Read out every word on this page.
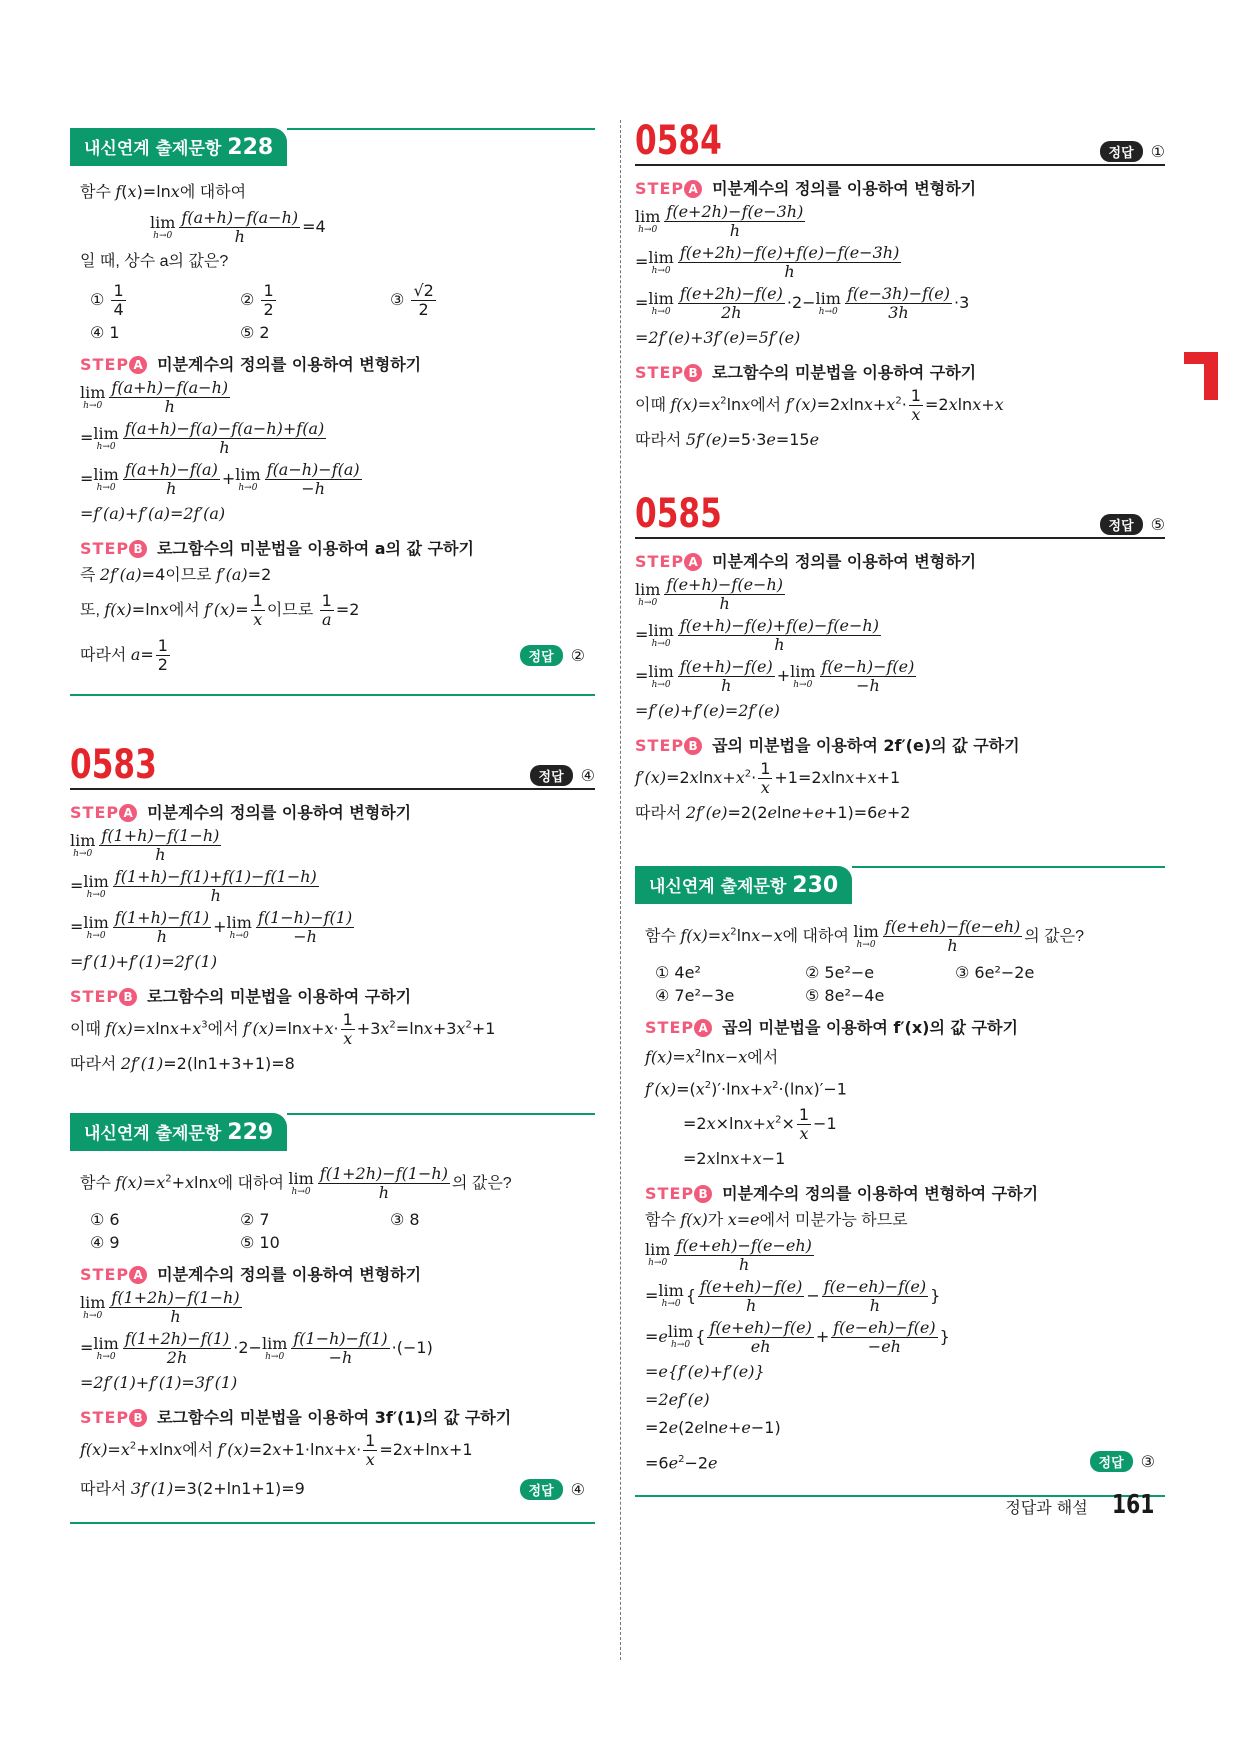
내신연계 출제문항 228
함수 f(x)=lnx에 대하여
lim
$h\to 0 \frac{f(a+h)-f(a-h)}{h} =4$
일 때, 상수 a의 값은?
① $\frac{1}{4}$	② $\frac{1}{2}$	③ $\frac{√2}{2}$
④ 1	⑤ 2
STEP A 미분계수의 정의를 이용하여 변형하기
lim
$h\to 0 \frac{f(a+h)-f(a-h)}{h}$
= lim
$h\to 0 \frac{f(a+h)-f(a)-f(a-h)+f(a)}{h}$
= lim
$h\to 0 \frac{f(a+h)-f(a)}{h} + \lim$
$h\to 0 \frac{f(a-h)-f(a)}{-h}$
=f′(a)+f′(a)=2f′(a)
STEP B 로그함수의 미분법을 이용하여 a의 값 구하기
즉 2f′(a)=4이므로 f′(a)=2
또, f(x)=lnx에서 $f'(x)= \frac{1}{x}$ 이므로 $\frac{1}{a} =2$
따라서 $a= \frac{1}{2}$	정답	②
0583	정답	④
STEP A 미분계수의 정의를 이용하여 변형하기
lim
$h\to 0 \frac{f(1+h)-f(1-h)}{h}$
= lim
$h\to 0 \frac{f(1+h)-f(1)+f(1)-f(1-h)}{h}$
= lim
$h\to 0 \frac{f(1+h)-f(1)}{h} + \lim$
$h\to 0 \frac{f(1-h)-f(1)}{-h}$
=f′(1)+f′(1)=2f′(1)
STEP B 로그함수의 미분법을 이용하여 구하기
이때 $f(x)=xlnx+x^3$에서 $f'(x)=\ln x+x\cdot \frac{1}{x} +3x^2=\ln x+3x^2+1$
따라서 2f′(1)=2(ln1+3+1)=8
내신연계 출제문항 229
함수 $f(x)=x^2+xlnx$에 대하여 lim
$h\to 0 \frac{f(1+2h)-f(1-h)}{h}$ 의 값은?
① 6	② 7	③ 8
④ 9	⑤ 10
STEP A 미분계수의 정의를 이용하여 변형하기
lim
$h\to 0 \frac{f(1+2h)-f(1-h)}{h}$
= lim
$h\to 0 \frac{f(1+2h)-f(1)}{2h} \cdot 2- \lim$
$h\to 0 \frac{f(1-h)-f(1)}{-h} \cdot(-1)$
=2f′(1)+f′(1)=3f′(1)
STEP B 로그함수의 미분법을 이용하여 3f′(1)의 값 구하기
$f(x)=x^2+xlnx$에서 $f'(x)=2x+1\cdot\ln x+x\cdot \frac{1}{x} =2x+\ln x+1$
따라서 3f′(1)=3(2+ln1+1)=9	정답	④
0584	정답	①
STEP A 미분계수의 정의를 이용하여 변형하기
lim
$h\to 0 \frac{f(e+2h)-f(e-3h)}{h}$
= lim
$h\to 0 \frac{f(e+2h)-f(e)+f(e)-f(e-3h)}{h}$
= lim
$h\to 0 \frac{f(e+2h)-f(e)}{2h} \cdot 2- \lim$
$h\to 0 \frac{f(e-3h)-f(e)}{3h} \cdot 3$
=2f′(e)+3f′(e)=5f′(e)
STEP B 로그함수의 미분법을 이용하여 구하기
이때 $f(x)=x^2\ln x$에서 $f'(x)=2xlnx+x^2\cdot \frac{1}{x} =2xlnx+x$
따라서 5f′(e)=5·3e=15e
0585	정답	⑤
STEP A 미분계수의 정의를 이용하여 변형하기
lim
$h\to 0 \frac{f(e+h)-f(e-h)}{h}$
= lim
$h\to 0 \frac{f(e+h)-f(e)+f(e)-f(e-h)}{h}$
= lim
$h\to 0 \frac{f(e+h)-f(e)}{h} + \lim$
$h\to 0 \frac{f(e-h)-f(e)}{-h}$
=f′(e)+f′(e)=2f′(e)
STEP B 곱의 미분법을 이용하여 2f′(e)의 값 구하기
$f'(x)=2xlnx+x^2\cdot \frac{1}{x} +1=2xlnx+x+1$
따라서 2f′(e)=2(2elne+e+1)=6e+2
내신연계 출제문항 230
함수 $f(x)=x^2\ln x-x$에 대하여 lim
$h\to 0 \frac{f(e+eh)-f(e-eh)}{h}$ 의 값은?
① 4e²	② 5e²−e	③ 6e²−2e
④ 7e²−3e	⑤ 8e²−4e
STEP A 곱의 미분법을 이용하여 f′(x)의 값 구하기
$f(x)=x^2\ln x-x$에서
$f'(x)=(x^2)'\cdot\ln x+x^2\cdot(\ln x)'-1$
$=2x\times\ln x+x^2\times \frac{1}{x} -1$
=2xlnx+x−1
STEP B 미분계수의 정의를 이용하여 변형하여 구하기
함수 f(x)가 x=e에서 미분가능 하므로
lim
$h\to 0 \frac{f(e+eh)-f(e-eh)}{h}$
= lim
h→0 { $\frac{f(e+eh)-f(e)}{h} - \frac{f(e-eh)-f(e)}{h}$ }
=e lim
h→0 { $\frac{f(e+eh)-f(e)}{eh} + \frac{f(e-eh)-f(e)}{-eh}$ }
=e{f′(e)+f′(e)}
=2ef′(e)
=2e(2elne+e−1)
$=6e^2-2e$	정답	③
정답과 해설 161
